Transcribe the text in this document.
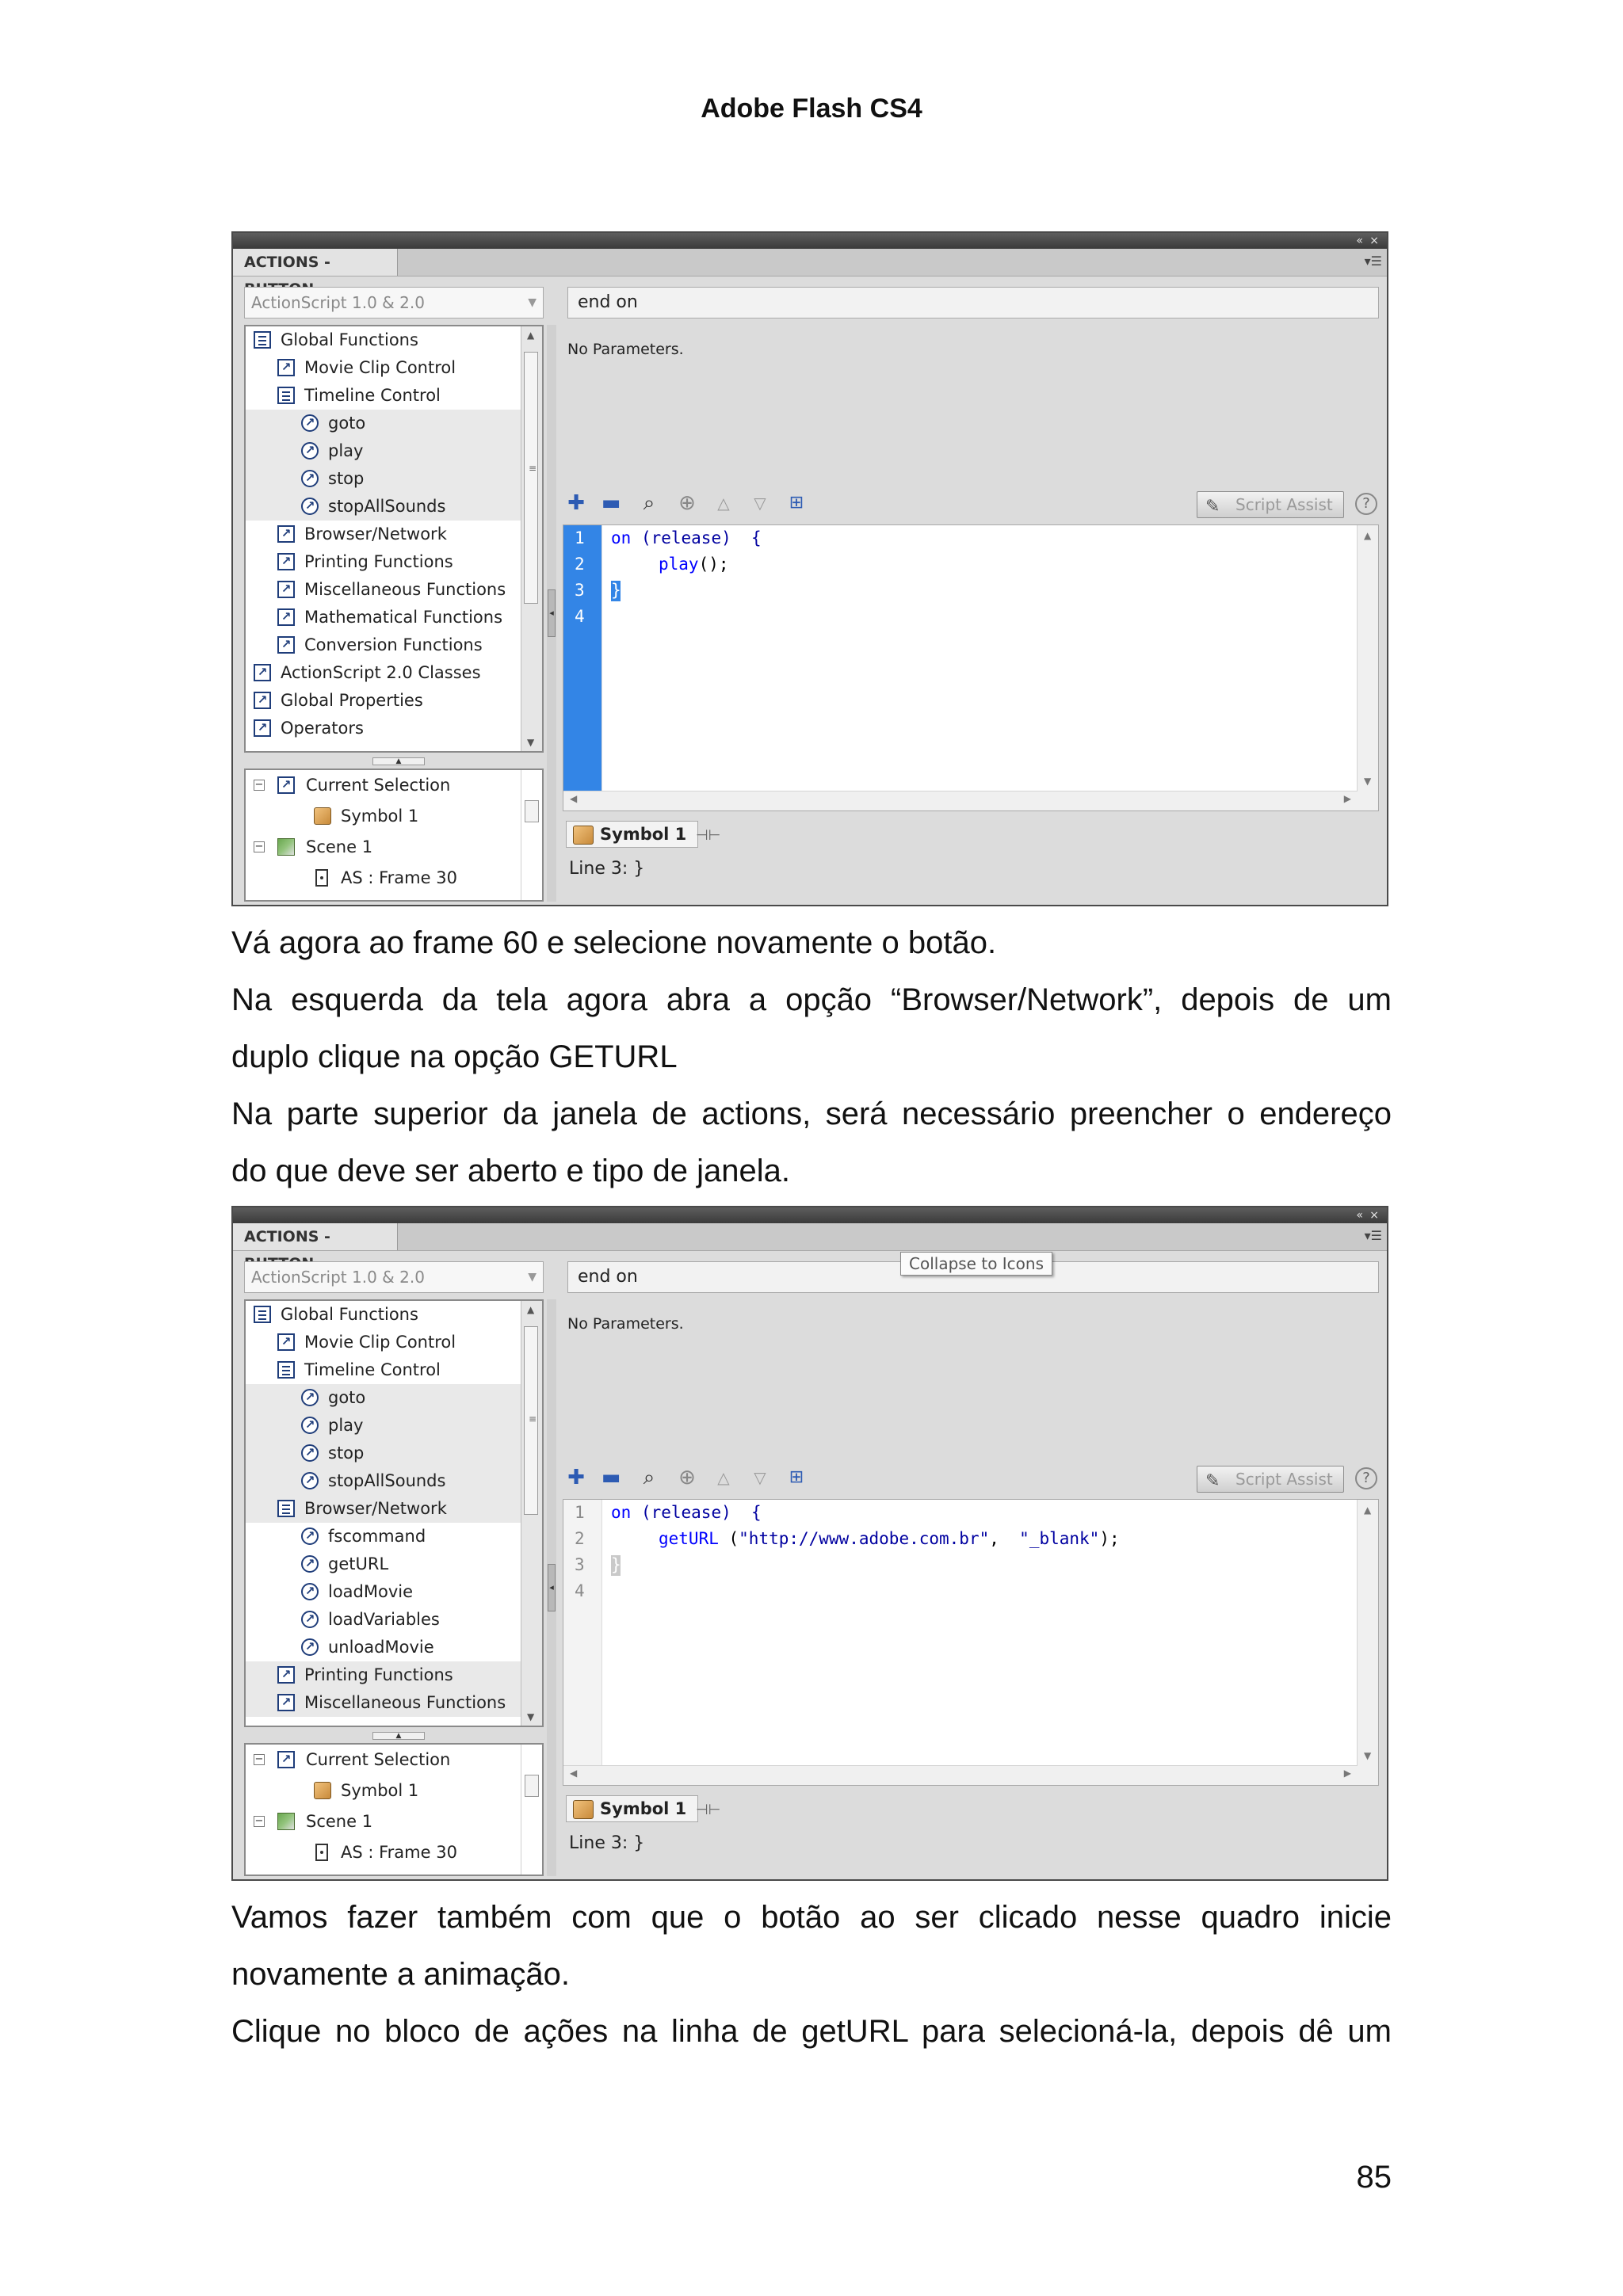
Adobe Flash CS4
« ×
ACTIONS -	▾☰
ActionScript 1.0 & 2.0	▼
Global Functions
↗ Movie Clip Control
Timeline Control
↗ goto
↗ play
↗ stop
↗ stopAllSounds
↗ Browser/Network
↗ Printing Functions
↗ Miscellaneous Functions
↗ Mathematical Functions
↗ Conversion Functions
↗ ActionScript 2.0 Classes
↗ Global Properties
↗ Operators
▲
≡
▼
▲
−	↗ Current Selection
Symbol 1
−	Scene 1
AS : Frame 30
◂
end on
No Parameters.
✚ ▬ ⌕ ⊕	△	▽	⊞	✎ Script Assist	?
1
2
3
4
on (release)  {
play();
}
▲
▼
◀	▶
Symbol 1 ⊣⊢
Line 3: }

Vá agora ao frame 60 e selecione novamente o botão.

Na esquerda da tela agora abra a opção “Browser/Network”, depois de um

duplo clique na opção GETURL

Na parte superior da janela de actions, será necessário preencher o endereço

do que deve ser aberto e tipo de janela.

« ×
ACTIONS -	▾☰
ActionScript 1.0 & 2.0	▼
Global Functions
↗ Movie Clip Control
Timeline Control
↗ goto
↗ play
↗ stop
↗ stopAllSounds
Browser/Network
↗ fscommand
↗ getURL
↗ loadMovie
↗ loadVariables
↗ unloadMovie
↗ Printing Functions
↗ Miscellaneous Functions
▲
≡
▼
▲
−	↗ Current Selection
Symbol 1
−	Scene 1
AS : Frame 30
◂
end on
Collapse to Icons
No Parameters.
✚ ▬ ⌕ ⊕	△	▽	⊞	✎ Script Assist	?
1
2
3
4
on (release)  {
getURL ("http://www.adobe.com.br",  "_blank");
}
▲
▼
◀	▶
Symbol 1 ⊣⊢
Line 3: }

Vamos fazer também com que o botão ao ser clicado nesse quadro inicie

novamente a animação.

Clique no bloco de ações na linha de getURL para selecioná-la, depois dê um

85
